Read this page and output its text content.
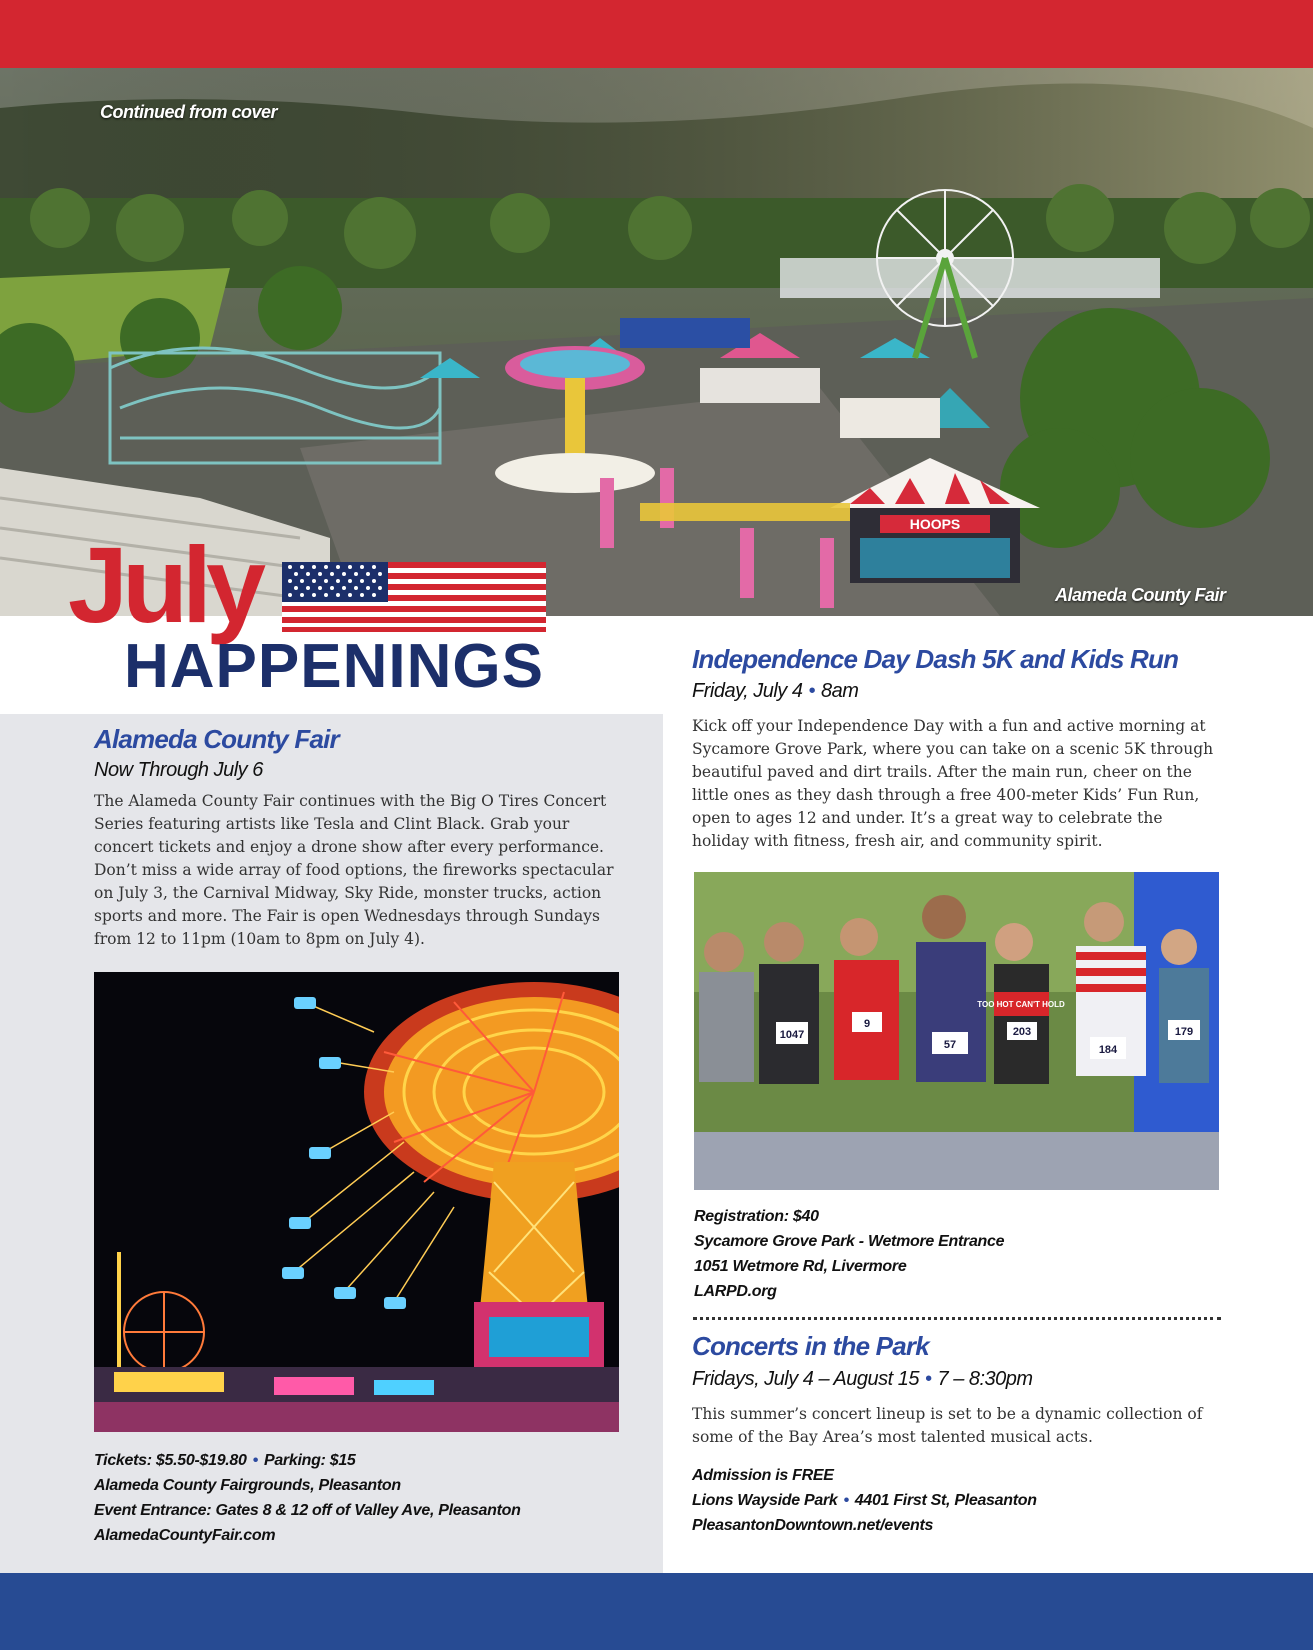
HOOPS
Continued from cover
Alameda County Fair
July
HAPPENINGS
Alameda County Fair

Now Through July 6

The Alameda County Fair continues with the Big O Tires Concert Series featuring artists like Tesla and Clint Black. Grab your concert tickets and enjoy a drone show after every performance. Don’t miss a wide array of food options, the fireworks spectacular on July 3, the Carnival Midway, Sky Ride, monster trucks, action sports and more. The Fair is open Wednesdays through Sundays from 12 to 11pm (10am to 8pm on July 4).

Tickets: $5.50-$19.80 • Parking: $15
Alameda County Fairgrounds, Pleasanton
Event Entrance: Gates 8 & 12 off of Valley Ave, Pleasanton
AlamedaCountyFair.com
Independence Day Dash 5K and Kids Run

Friday, July 4 • 8am

Kick off your Independence Day with a fun and active morning at Sycamore Grove Park, where you can take on a scenic 5K through beautiful paved and dirt trails. After the main run, cheer on the little ones as they dash through a free 400-meter Kids’ Fun Run, open to ages 12 and under. It’s a great way to celebrate the holiday with fitness, fresh air, and community spirit.

1047
9
57
203
184
179
TOO HOT CAN'T HOLD
Registration: $40
Sycamore Grove Park - Wetmore Entrance
1051 Wetmore Rd, Livermore
LARPD.org
Concerts in the Park

Fridays, July 4 – August 15 • 7 – 8:30pm

This summer’s concert lineup is set to be a dynamic collection of some of the Bay Area’s most talented musical acts.

Admission is FREE
Lions Wayside Park • 4401 First St, Pleasanton
PleasantonDowntown.net/events
